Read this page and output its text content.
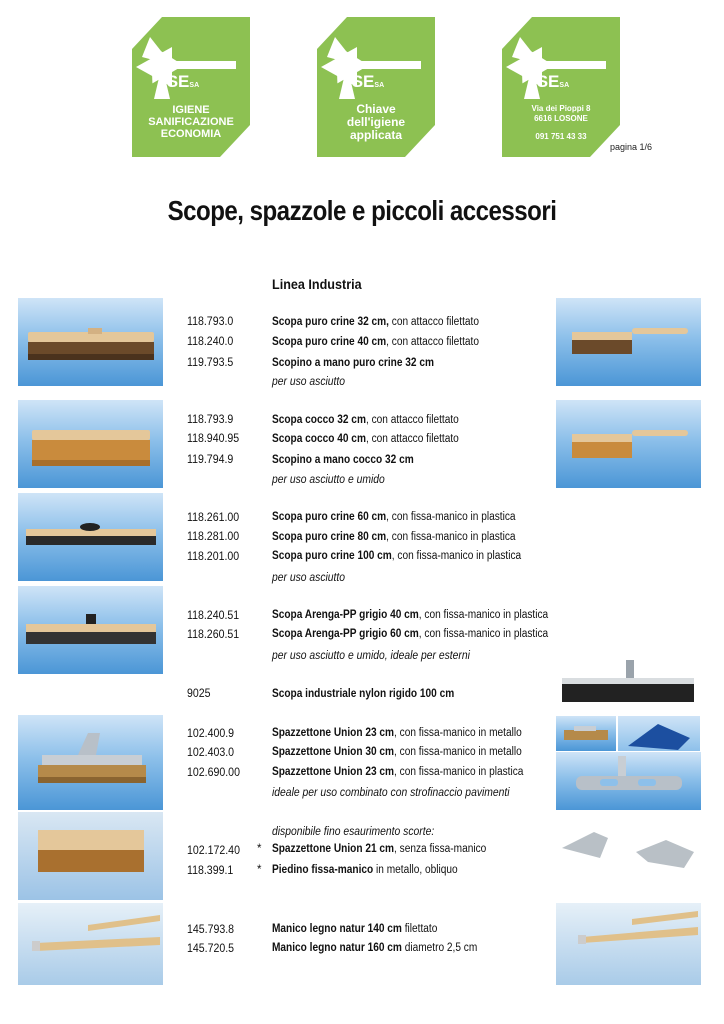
ISESA
IGIENE
SANIFICAZIONE
ECONOMIA
ISESA
Chiave
dell'igiene
applicata
ISESA
Via dei Pioppi 8
6616 LOSONE
091 751 43 33
pagina 1/6
Scope, spazzole e piccoli accessori
Linea Industria
118.793.0	Scopa puro crine 32 cm, con attacco filettato
118.240.0	Scopa puro crine 40 cm, con attacco filettato
119.793.5	Scopino a mano puro crine 32 cm
per uso asciutto
118.793.9	Scopa cocco 32 cm, con attacco filettato
118.940.95	Scopa cocco 40 cm, con attacco filettato
119.794.9	Scopino a mano cocco 32 cm
per uso asciutto e umido
118.261.00	Scopa puro crine 60 cm, con fissa-manico in plastica
118.281.00	Scopa puro crine 80 cm, con fissa-manico in plastica
118.201.00	Scopa puro crine 100 cm, con fissa-manico in plastica
per uso asciutto
118.240.51	Scopa Arenga-PP grigio 40 cm, con fissa-manico in plastica
118.260.51	Scopa Arenga-PP grigio 60 cm, con fissa-manico in plastica
per uso asciutto e umido, ideale per esterni
9025	Scopa industriale nylon rigido 100 cm
102.400.9	Spazzettone Union 23 cm, con fissa-manico in metallo
102.403.0	Spazzettone Union 30 cm, con fissa-manico in metallo
102.690.00	Spazzettone Union 23 cm, con fissa-manico in plastica
ideale per uso combinato con strofinaccio pavimenti
disponibile fino esaurimento scorte:
102.172.40 * Spazzettone Union 21 cm, senza fissa-manico
118.399.1 * Piedino fissa-manico in metallo, obliquo
145.793.8	Manico legno natur 140 cm filettato
145.720.5	Manico legno natur 160 cm diametro 2,5 cm
